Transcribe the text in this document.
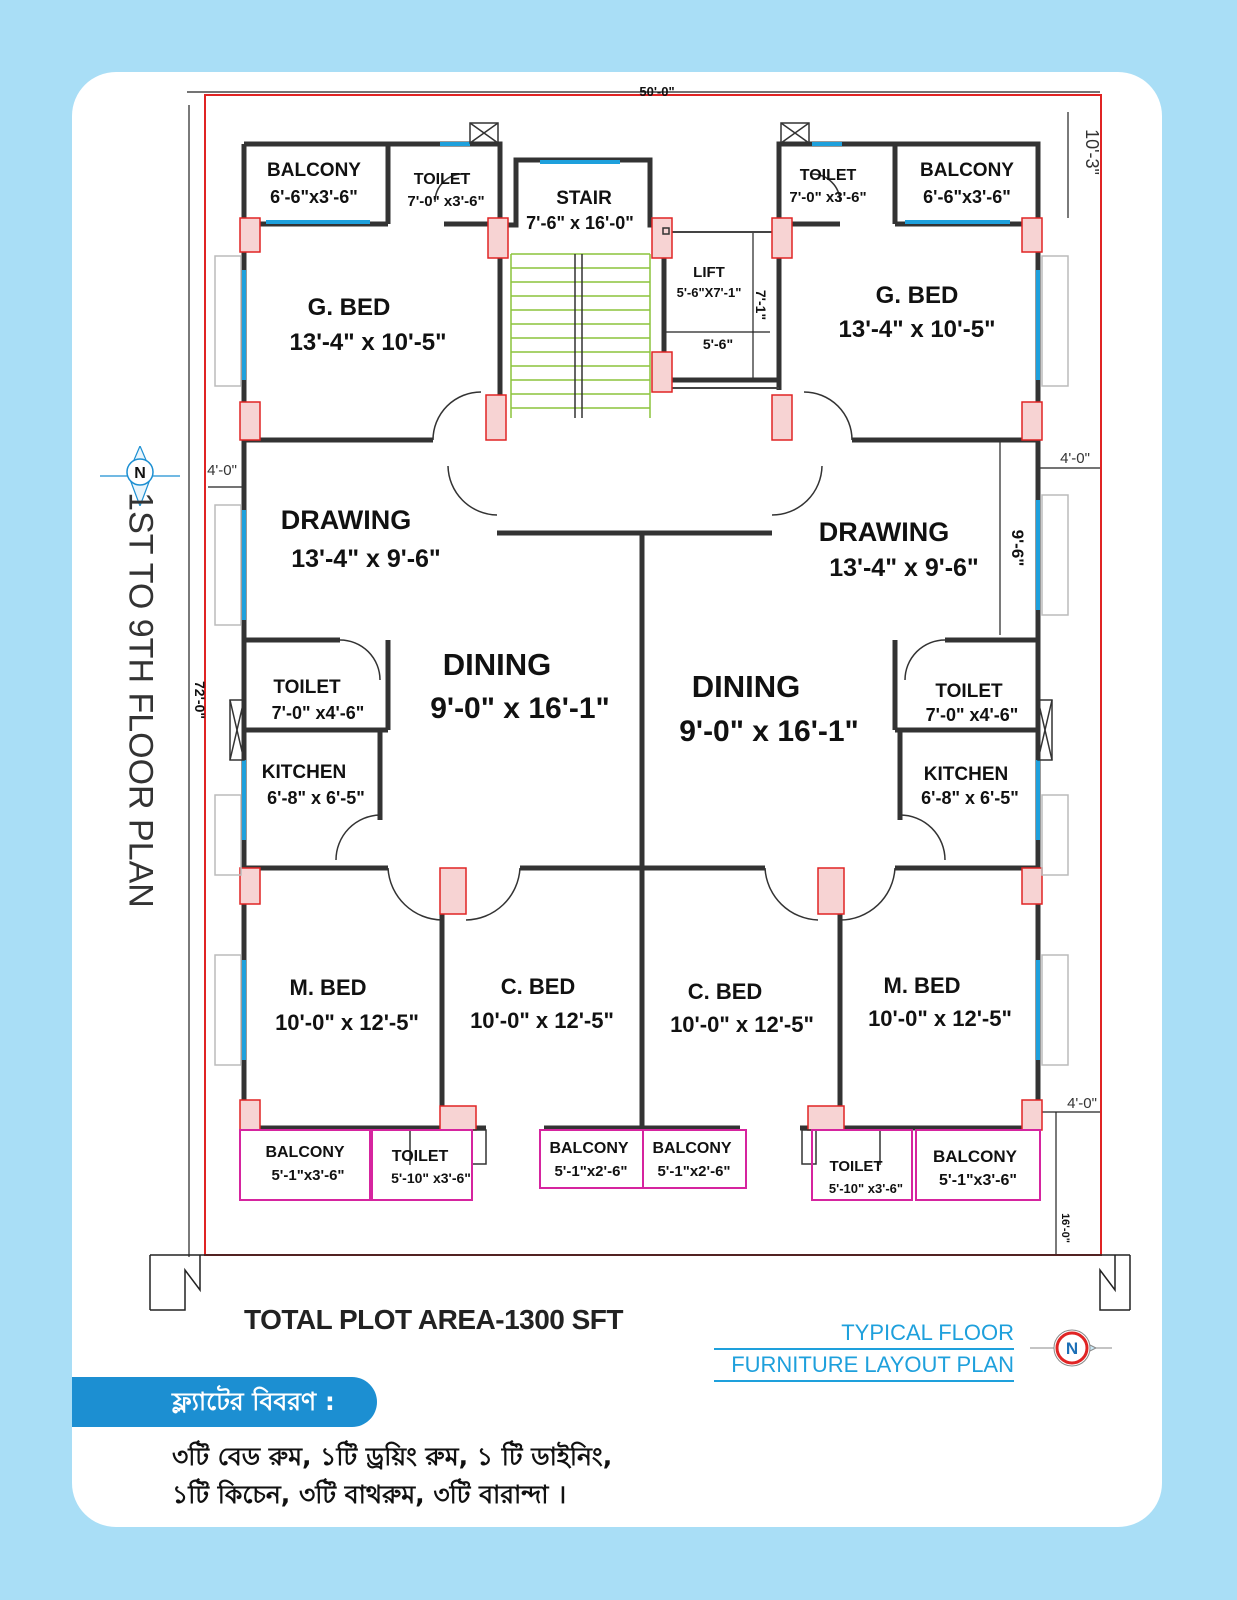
BALCONY
6'-6"x3'-6"
TOILET
7'-0" x3'-6"	STAIR
7'-6" x 16'-0"
LIFT
5'-6"X7'-1"
5'-6"
7'-1"
TOILET
7'-0" x3'-6"
BALCONY
6'-6"x3'-6"
G. BED
13'-4" x 10'-5"
G. BED
13'-4" x 10'-5"
DRAWING
13'-4" x 9'-6"
DRAWING
13'-4" x 9'-6"
DINING
9'-0" x 16'-1"
DINING
9'-0" x 16'-1"
TOILET
7'-0" x4'-6"
TOILET
7'-0" x4'-6"
KITCHEN
6'-8" x 6'-5"
KITCHEN
6'-8" x 6'-5"
M. BED
10'-0" x 12'-5"
C. BED
10'-0" x 12'-5"
C. BED
10'-0" x 12'-5"
M. BED
10'-0" x 12'-5"
BALCONY
5'-1"x3'-6"
TOILET
5'-10" x3'-6"
BALCONY
5'-1"x2'-6"
BALCONY
5'-1"x2'-6"	TOILET
5'-10" x3'-6"
BALCONY
5'-1"x3'-6"
50'-0"
72'-0"
10'-3"
4'-0"
4'-0"
4'-0"
16'-0"
9'-6"
N
1ST TO 9TH FLOOR PLAN
TOTAL PLOT AREA-1300 SFT	TYPICAL FLOOR
FURNITURE LAYOUT PLAN
N
ফ্ল্যাটের বিবরণ :
৩টি বেড রুম, ১টি ড্রয়িং রুম, ১ টি ডাইনিং,
১টি কিচেন, ৩টি বাথরুম, ৩টি বারান্দা ।
